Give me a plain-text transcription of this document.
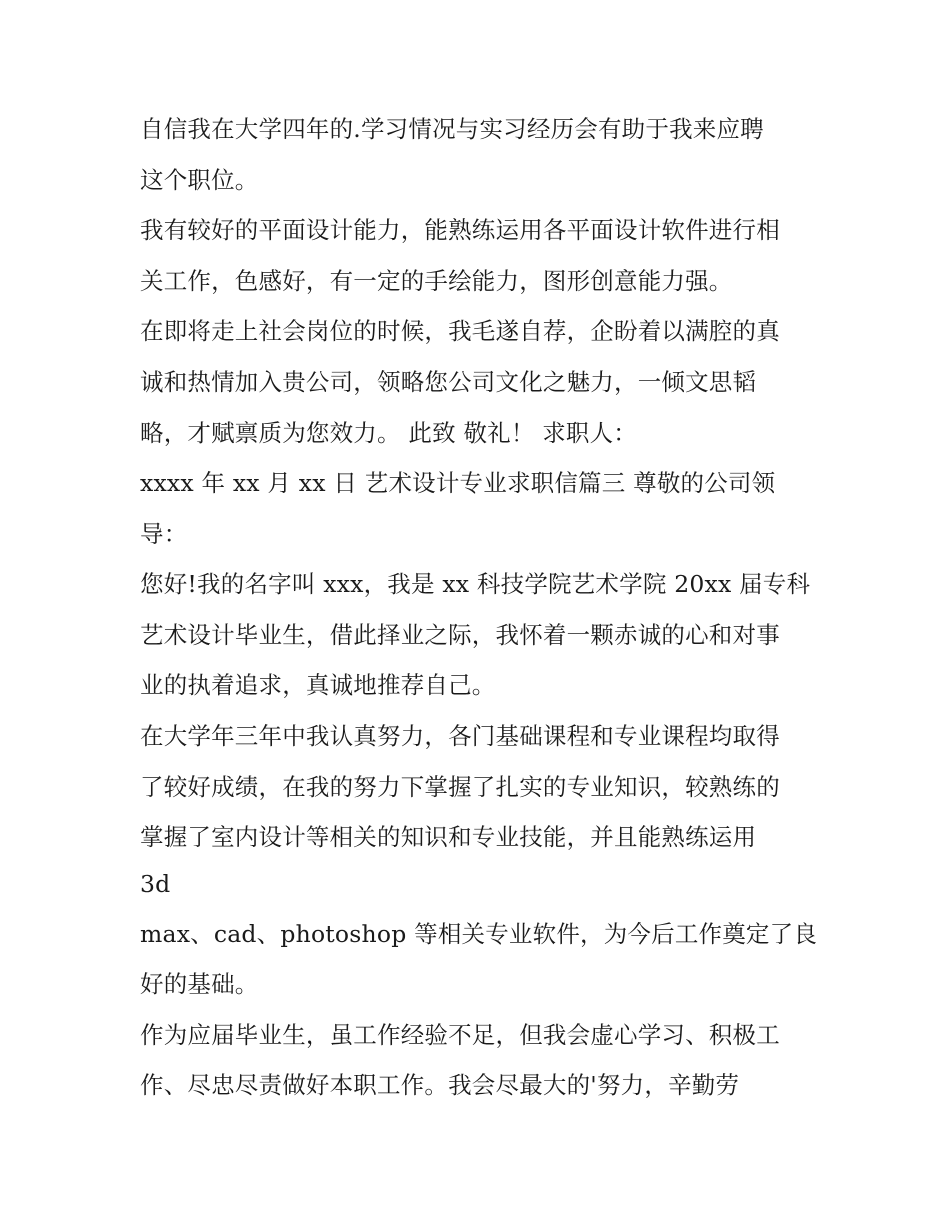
自信我在大学四年的.学习情况与实习经历会有助于我来应聘

这个职位。

我有较好的平面设计能力，能熟练运用各平面设计软件进行相

关工作，色感好，有一定的手绘能力，图形创意能力强。

在即将走上社会岗位的时候，我毛遂自荐，企盼着以满腔的真

诚和热情加入贵公司，领略您公司文化之魅力，一倾文思韬

略，才赋禀质为您效力。 此致 敬礼！ 求职人：

xxxx 年 xx 月 xx 日 艺术设计专业求职信篇三 尊敬的公司领

导：

您好!我的名字叫 xxx，我是 xx 科技学院艺术学院 20xx 届专科

艺术设计毕业生，借此择业之际，我怀着一颗赤诚的心和对事

业的执着追求，真诚地推荐自己。

在大学年三年中我认真努力，各门基础课程和专业课程均取得

了较好成绩，在我的努力下掌握了扎实的专业知识，较熟练的

掌握了室内设计等相关的知识和专业技能，并且能熟练运用

3d

max、cad、photoshop 等相关专业软件，为今后工作奠定了良

好的基础。

作为应届毕业生，虽工作经验不足，但我会虚心学习、积极工

作、尽忠尽责做好本职工作。我会尽最大的'努力，辛勤劳
